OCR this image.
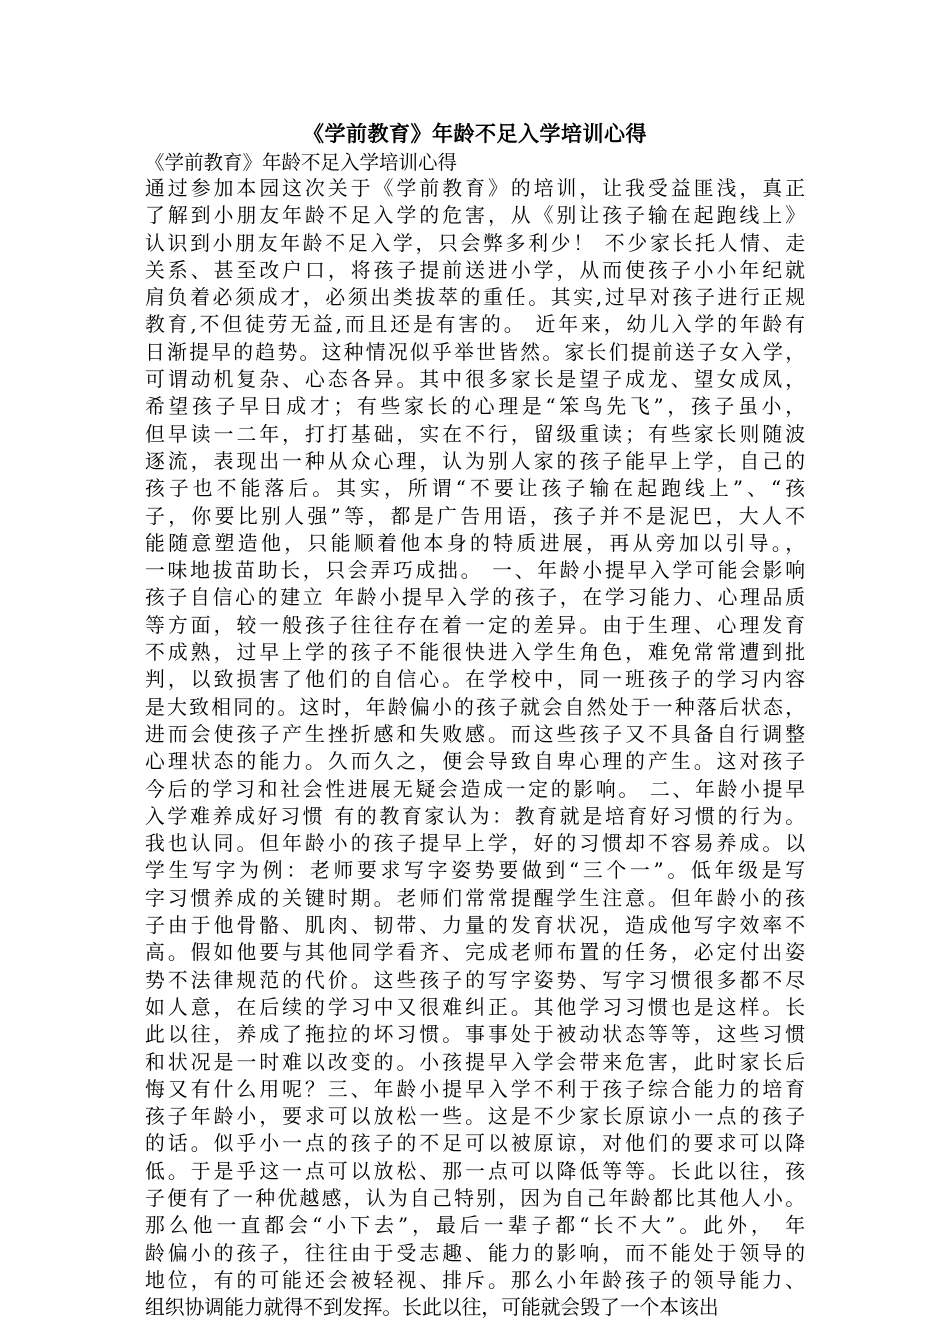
《学前教育》年龄不足入学培训心得
《学前教育》年龄不足入学培训心得
通过参加本园这次关于《学前教育》的培训，让我受益匪浅，真正
了解到小朋友年龄不足入学的危害，从《别让孩子输在起跑线上》
认识到小朋友年龄不足入学，只会弊多利少！ 不少家长托人情、走
关系、甚至改户口，将孩子提前送进小学，从而使孩子小小年纪就
肩负着必须成才，必须出类拔萃的重任。其实,过早对孩子进行正规
教育,不但徒劳无益,而且还是有害的。 近年来，幼儿入学的年龄有
日渐提早的趋势。这种情况似乎举世皆然。家长们提前送子女入学，
可谓动机复杂、心态各异。其中很多家长是望子成龙、望女成凤，
希望孩子早日成才；有些家长的心理是“笨鸟先飞”，孩子虽小，
但早读一二年，打打基础，实在不行，留级重读；有些家长则随波
逐流，表现出一种从众心理，认为别人家的孩子能早上学，自己的
孩子也不能落后。其实，所谓“不要让孩子输在起跑线上”、“孩
子，你要比别人强”等，都是广告用语，孩子并不是泥巴，大人不
能随意塑造他，只能顺着他本身的特质进展，再从旁加以引导。，
一味地拔苗助长，只会弄巧成拙。 一、年龄小提早入学可能会影响
孩子自信心的建立 年龄小提早入学的孩子，在学习能力、心理品质
等方面，较一般孩子往往存在着一定的差异。由于生理、心理发育
不成熟，过早上学的孩子不能很快进入学生角色，难免常常遭到批
判，以致损害了他们的自信心。在学校中，同一班孩子的学习内容
是大致相同的。这时，年龄偏小的孩子就会自然处于一种落后状态，
进而会使孩子产生挫折感和失败感。而这些孩子又不具备自行调整
心理状态的能力。久而久之，便会导致自卑心理的产生。这对孩子
今后的学习和社会性进展无疑会造成一定的影响。 二、年龄小提早
入学难养成好习惯 有的教育家认为：教育就是培育好习惯的行为。
我也认同。但年龄小的孩子提早上学，好的习惯却不容易养成。以
学生写字为例：老师要求写字姿势要做到“三个一”。低年级是写
字习惯养成的关键时期。老师们常常提醒学生注意。但年龄小的孩
子由于他骨骼、肌肉、韧带、力量的发育状况，造成他写字效率不
高。假如他要与其他同学看齐、完成老师布置的任务，必定付出姿
势不法律规范的代价。这些孩子的写字姿势、写字习惯很多都不尽
如人意，在后续的学习中又很难纠正。其他学习习惯也是这样。长
此以往，养成了拖拉的坏习惯。事事处于被动状态等等，这些习惯
和状况是一时难以改变的。小孩提早入学会带来危害，此时家长后
悔又有什么用呢？三、年龄小提早入学不利于孩子综合能力的培育
孩子年龄小，要求可以放松一些。这是不少家长原谅小一点的孩子
的话。似乎小一点的孩子的不足可以被原谅，对他们的要求可以降
低。于是乎这一点可以放松、那一点可以降低等等。长此以往，孩
子便有了一种优越感，认为自己特别，因为自己年龄都比其他人小。
那么他一直都会“小下去”，最后一辈子都“长不大”。此外， 年
龄偏小的孩子，往往由于受志趣、能力的影响，而不能处于领导的
地位，有的可能还会被轻视、排斥。那么小年龄孩子的领导能力、
组织协调能力就得不到发挥。长此以往，可能就会毁了一个本该出
